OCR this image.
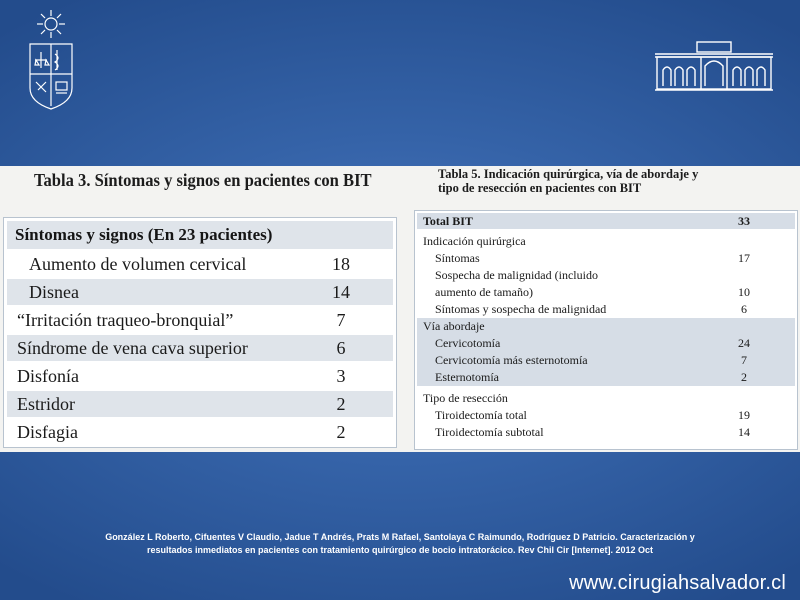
Tabla 3. Síntomas y signos en pacientes con BIT
Síntomas y signos (En 23 pacientes)
Aumento de volumen cervical	18
Disnea	14
“Irritación traqueo-bronquial”	7
Síndrome de vena cava superior	6
Disfonía	3
Estridor	2
Disfagia	2
Tabla 5. Indicación quirúrgica, vía de abordaje y
tipo de resección en pacientes con BIT
Total BIT	33
Indicación quirúrgica
Síntomas	17
Sospecha de malignidad (incluido
aumento de tamaño)	10
Síntomas y sospecha de malignidad	6
Vía abordaje
Cervicotomía	24
Cervicotomía más esternotomía	7
Esternotomía	2
Tipo de resección
Tiroidectomía total	19
Tiroidectomía subtotal	14
González L Roberto, Cifuentes V Claudio, Jadue T Andrés, Prats M Rafael, Santolaya C Raimundo, Rodríguez D Patricio. Caracterización y
resultados inmediatos en pacientes con tratamiento quirúrgico de bocio intratorácico. Rev Chil Cir [Internet]. 2012 Oct
www.cirugiahsalvador.cl
